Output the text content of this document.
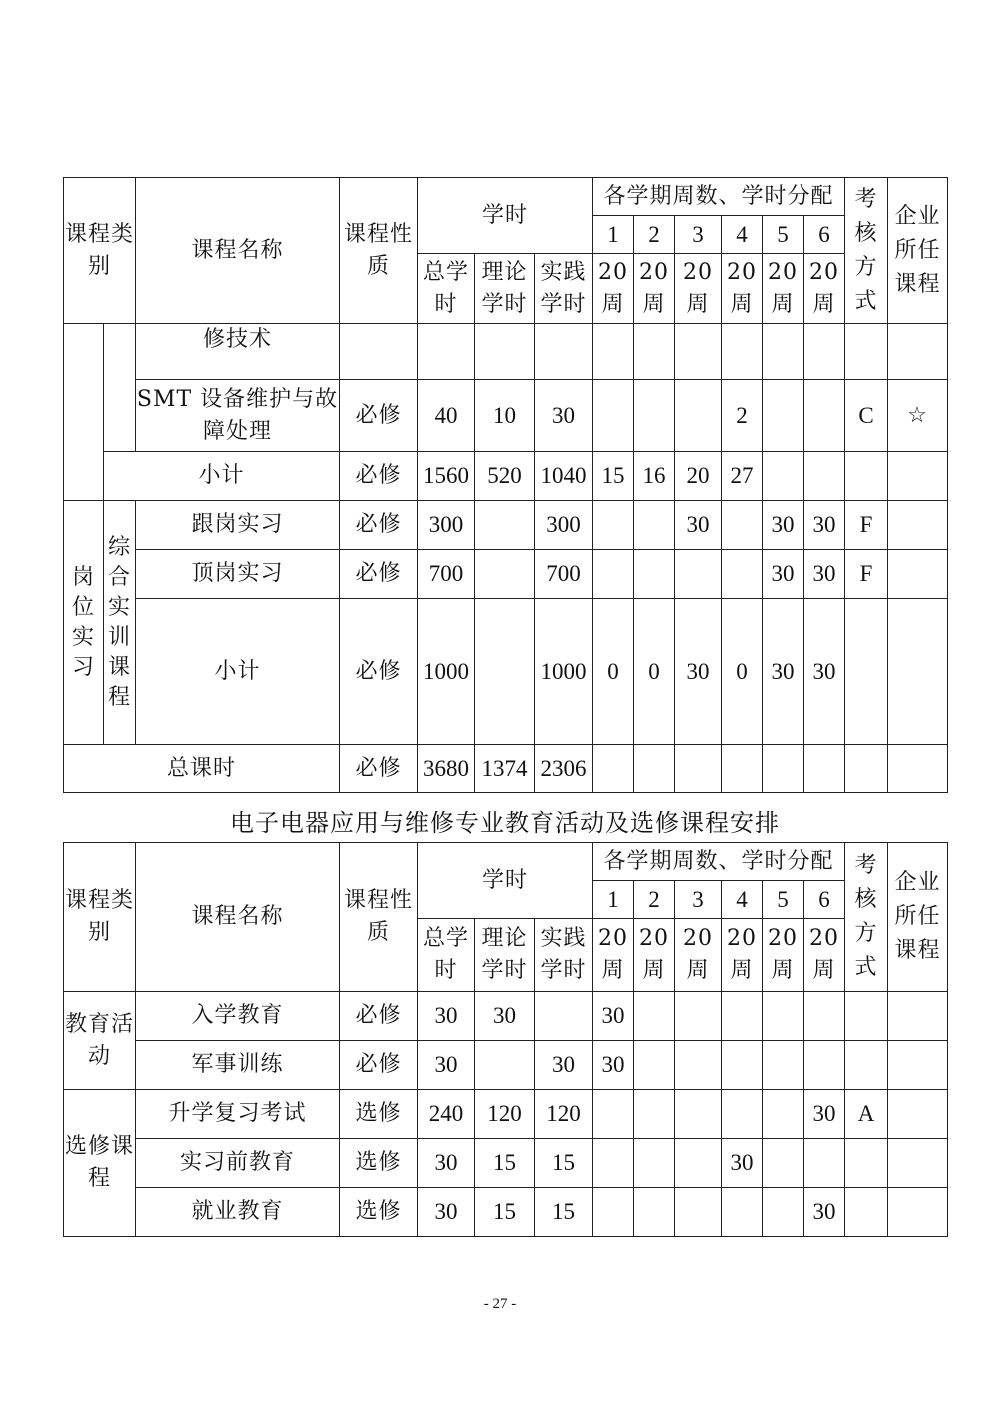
课程类别		课程名称	课程性质	学时			各学期周数、学时分配						考核方式	企业所任课程
							1	2	3	4	5	6		
				总学时	理论学时	实践学时	20周	20周	20周	20周	20周	20周		
		修技术												
		SMT 设备维护与故障处理	必修	40	10	30				2			C	☆
	小计		必修	1560	520	1040	15	16	20	27				
岗位实习	综合实训课程	跟岗实习	必修	300		300			30		30	30	F	
		顶岗实习	必修	700		700					30	30	F	
		小计	必修	1000		1000	0	0	30	0	30	30		
总课时			必修	3680	1374	2306								
电子电器应用与维修专业教育活动及选修课程安排
课程类别	课程名称	课程性质	学时			各学期周数、学时分配						考核方式	企业所任课程
						1	2	3	4	5	6		
			总学时	理论学时	实践学时	20周	20周	20周	20周	20周	20周		
教育活动	入学教育	必修	30	30		30							
	军事训练	必修	30		30	30							
选修课程	升学复习考试	选修	240	120	120						30	A	
	实习前教育	选修	30	15	15				30				
	就业教育	选修	30	15	15						30		
- 27 -
